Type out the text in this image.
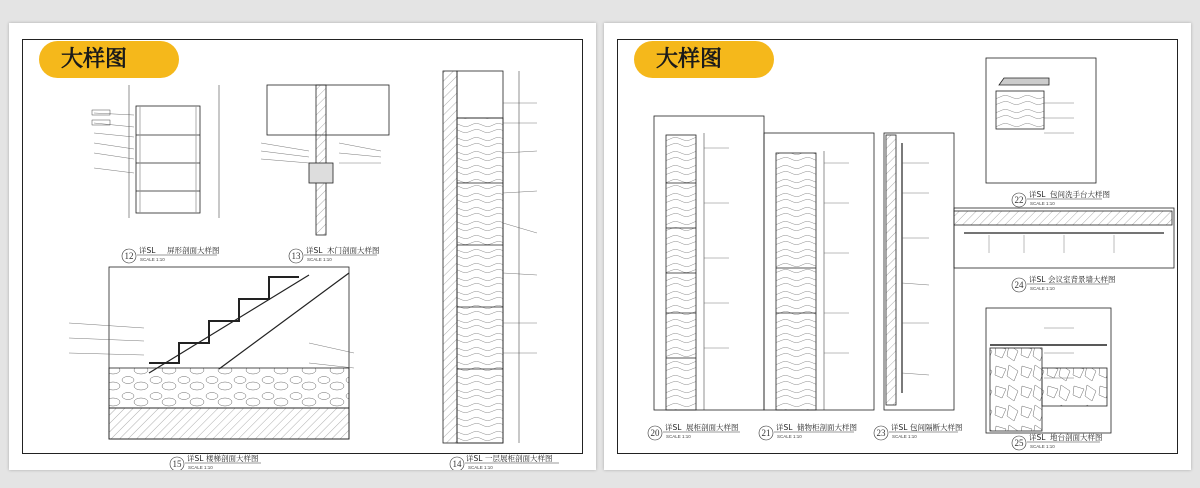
12
详SL 屏形剖面大样图
SCALE 1:10	13
详SL 木门剖面大样图
SCALE 1:10
15
详SL 楼梯剖面大样图
SCALE 1:10	14
详SL 一层展柜剖面大样图
SCALE 1:10
大样图
20
详SL 展柜剖面大样图
SCALE 1:10	21
详SL 储物柜剖面大样图
SCALE 1:10	23
详SL 包间隔断大样图
SCALE 1:10
22
详SL 包间洗手台大样图
SCALE 1:10
24
详SL 会议室背景墙大样图
SCALE 1:10
25
详SL 地台剖面大样图
SCALE 1:10
大样图
